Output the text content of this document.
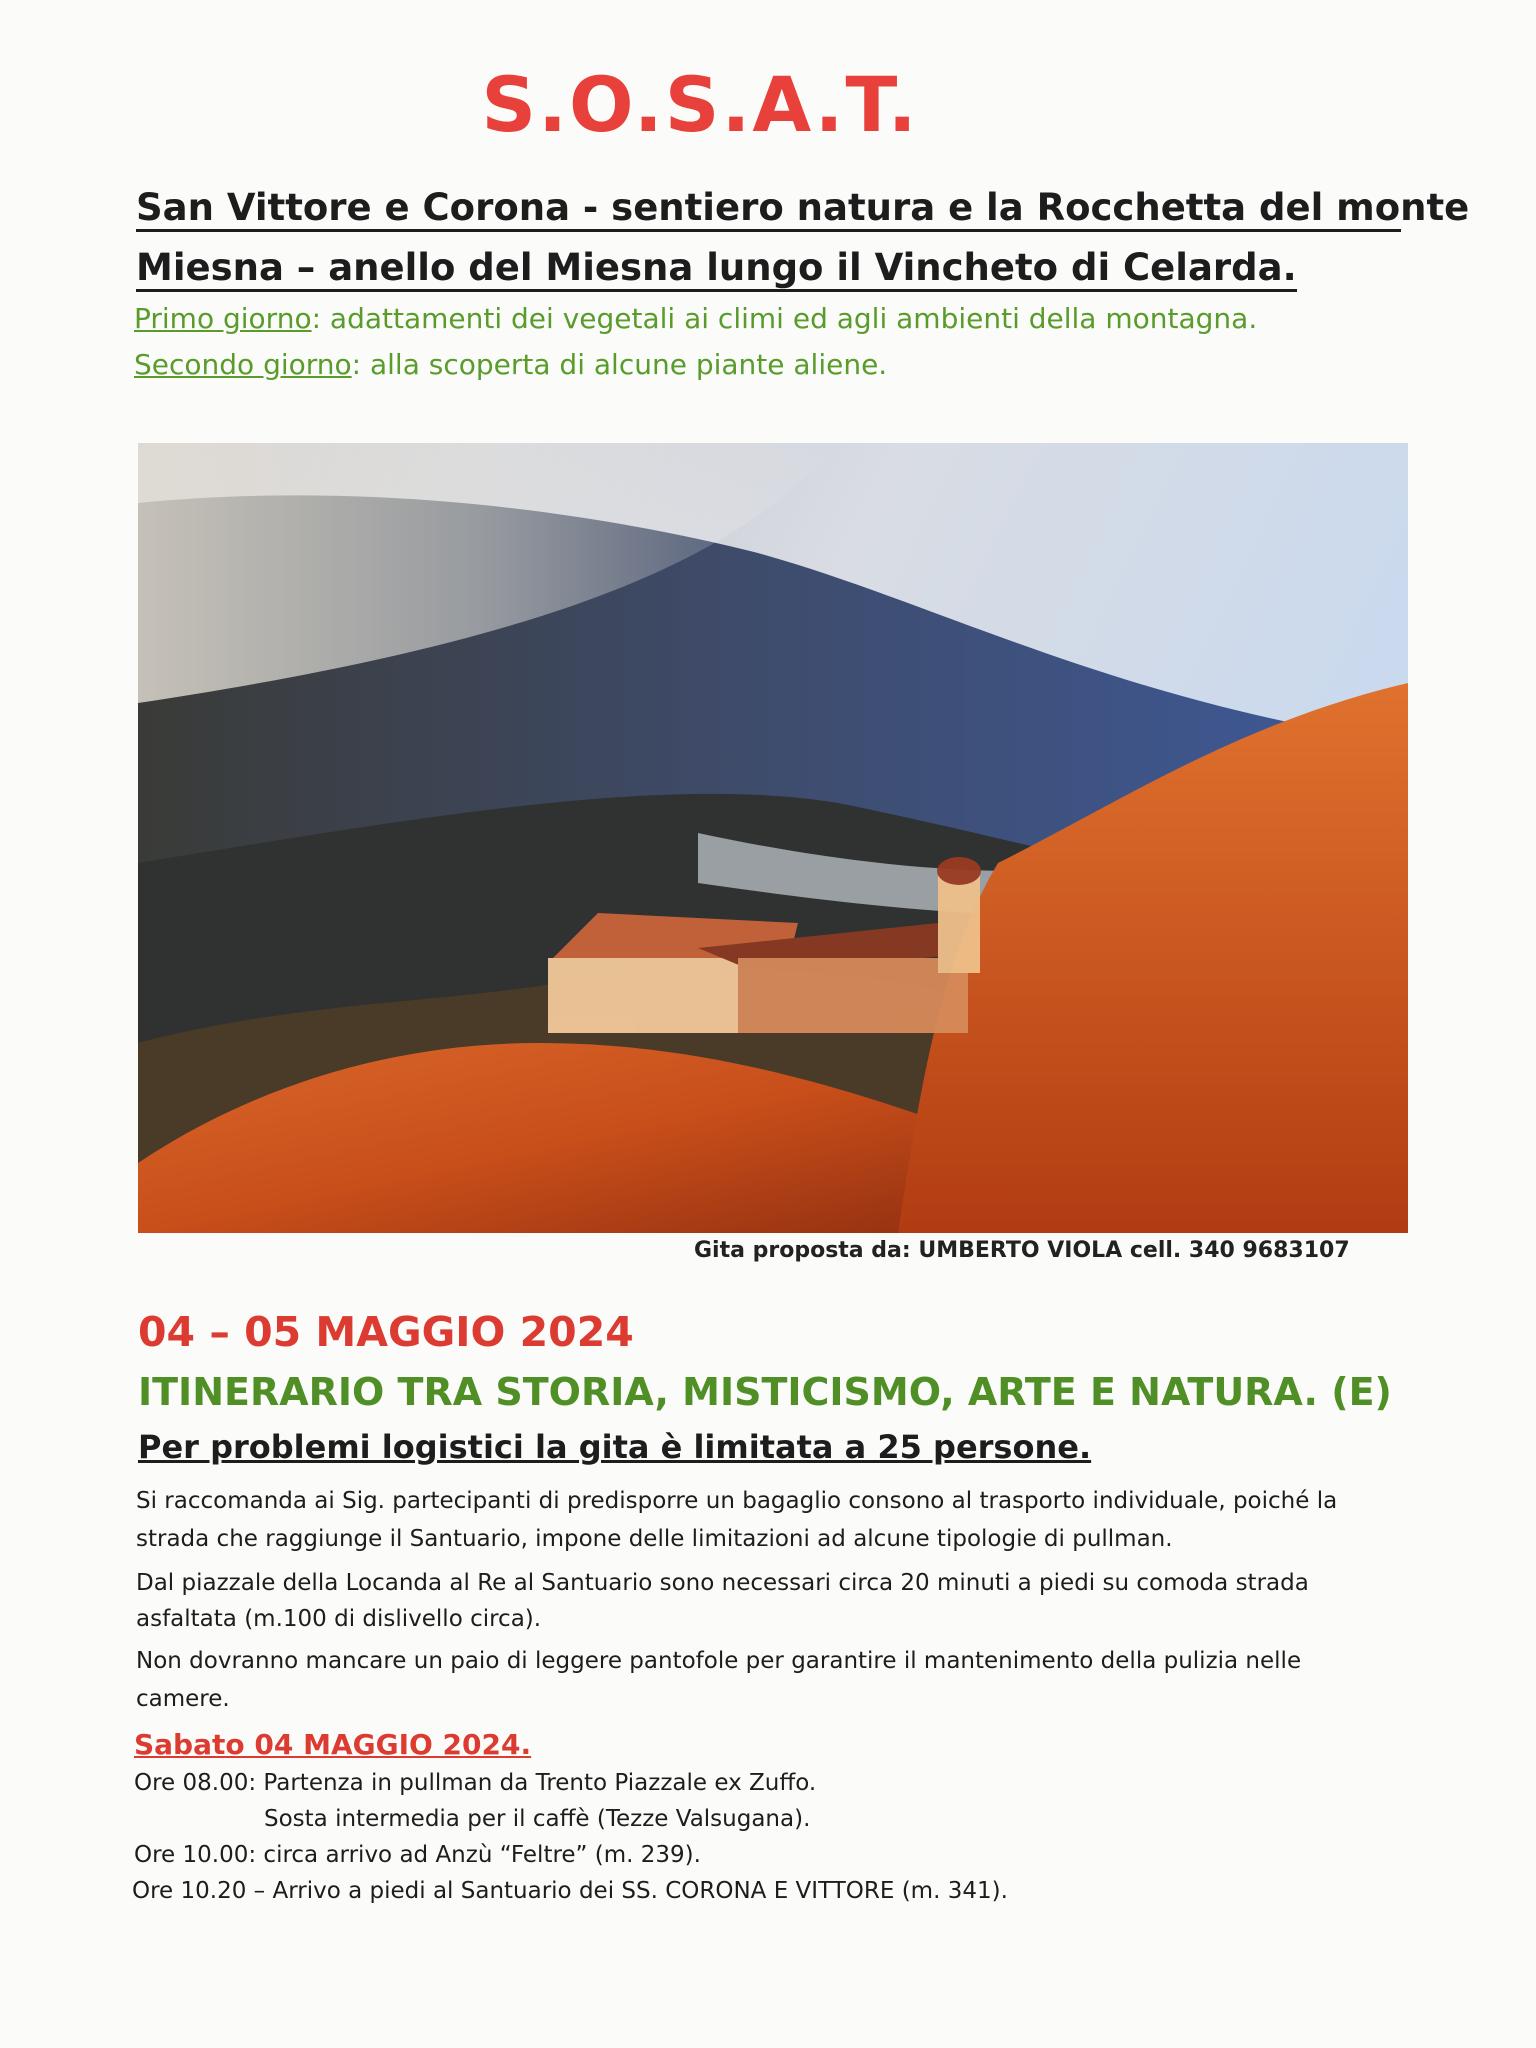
S.O.S.A.T.
San Vittore e Corona - sentiero natura e la Rocchetta del monte
Miesna – anello del Miesna lungo il Vincheto di Celarda.
Primo giorno: adattamenti dei vegetali ai climi ed agli ambienti della montagna.
Secondo giorno: alla scoperta di alcune piante aliene.
Gita proposta da: UMBERTO VIOLA cell. 340 9683107
04 – 05 MAGGIO 2024
ITINERARIO TRA STORIA, MISTICISMO, ARTE E NATURA. (E)
Per problemi logistici la gita è limitata a 25 persone.
Si raccomanda ai Sig. partecipanti di predisporre un bagaglio consono al trasporto individuale, poiché la
strada che raggiunge il Santuario, impone delle limitazioni ad alcune tipologie di pullman.
Dal piazzale della Locanda al Re al Santuario sono necessari circa 20 minuti a piedi su comoda strada
asfaltata (m.100 di dislivello circa).
Non dovranno mancare un paio di leggere pantofole per garantire il mantenimento della pulizia nelle
camere.
Sabato 04 MAGGIO 2024.
Ore 08.00: Partenza in pullman da Trento Piazzale ex Zuffo.
Sosta intermedia per il caffè (Tezze Valsugana).
Ore 10.00: circa arrivo ad Anzù “Feltre” (m. 239).
Ore 10.20 – Arrivo a piedi al Santuario dei SS. CORONA E VITTORE (m. 341).
